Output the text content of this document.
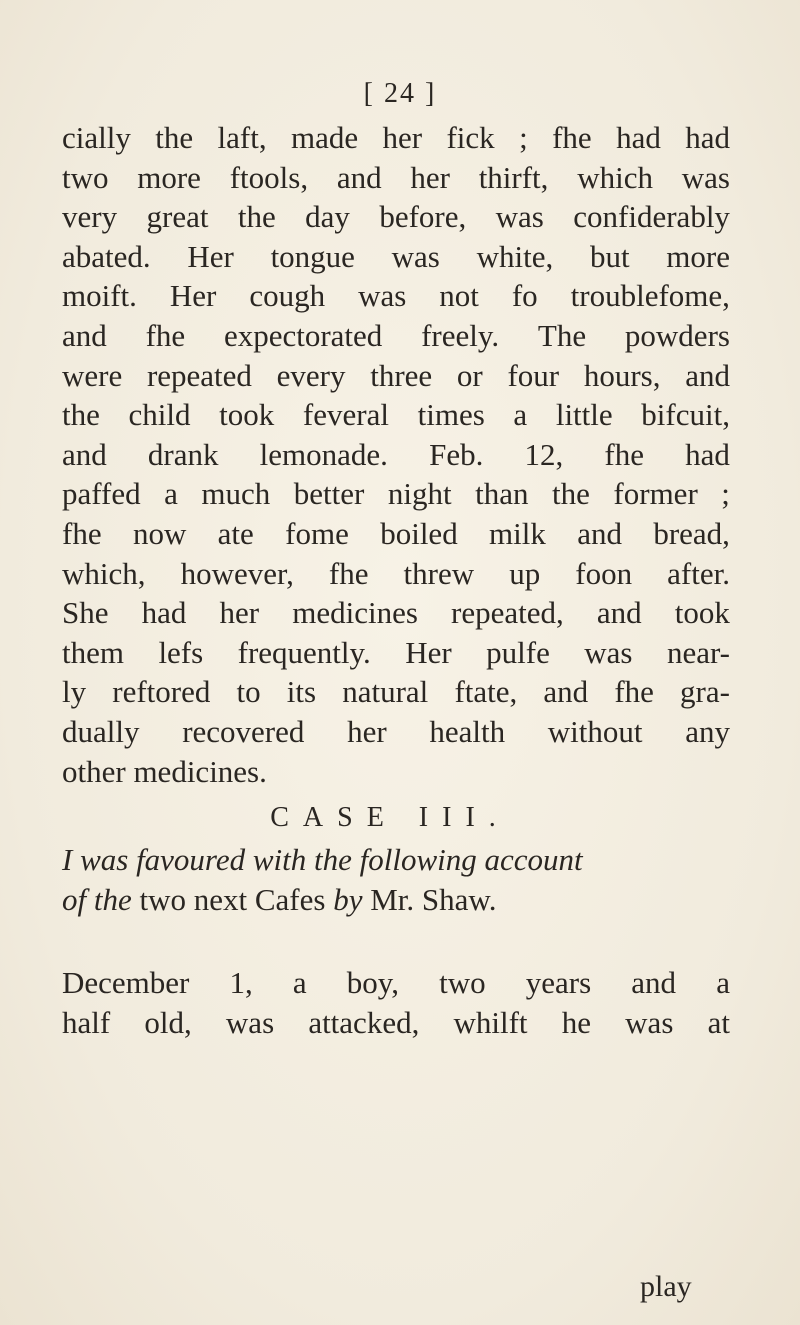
[ 24 ]
cially the laft, made her fick ; fhe had had
two more ftools, and her thirft, which was
very great the day before, was confiderably
abated. Her tongue was white, but more
moift. Her cough was not fo troublefome,
and fhe expectorated freely. The powders
were repeated every three or four hours, and
the child took feveral times a little bifcuit,
and drank lemonade. Feb. 12, fhe had
paffed a much better night than the former ;
fhe now ate fome boiled milk and bread,
which, however, fhe threw up foon after.
She had her medicines repeated, and took
them lefs frequently. Her pulfe was near-
ly reftored to its natural ftate, and fhe gra-
dually recovered her health without any
other medicines.
CASE III.
I was favoured with the following account
of the two next Cafes by Mr. Shaw.
December 1, a boy, two years and a
half old, was attacked, whilft he was at
play
